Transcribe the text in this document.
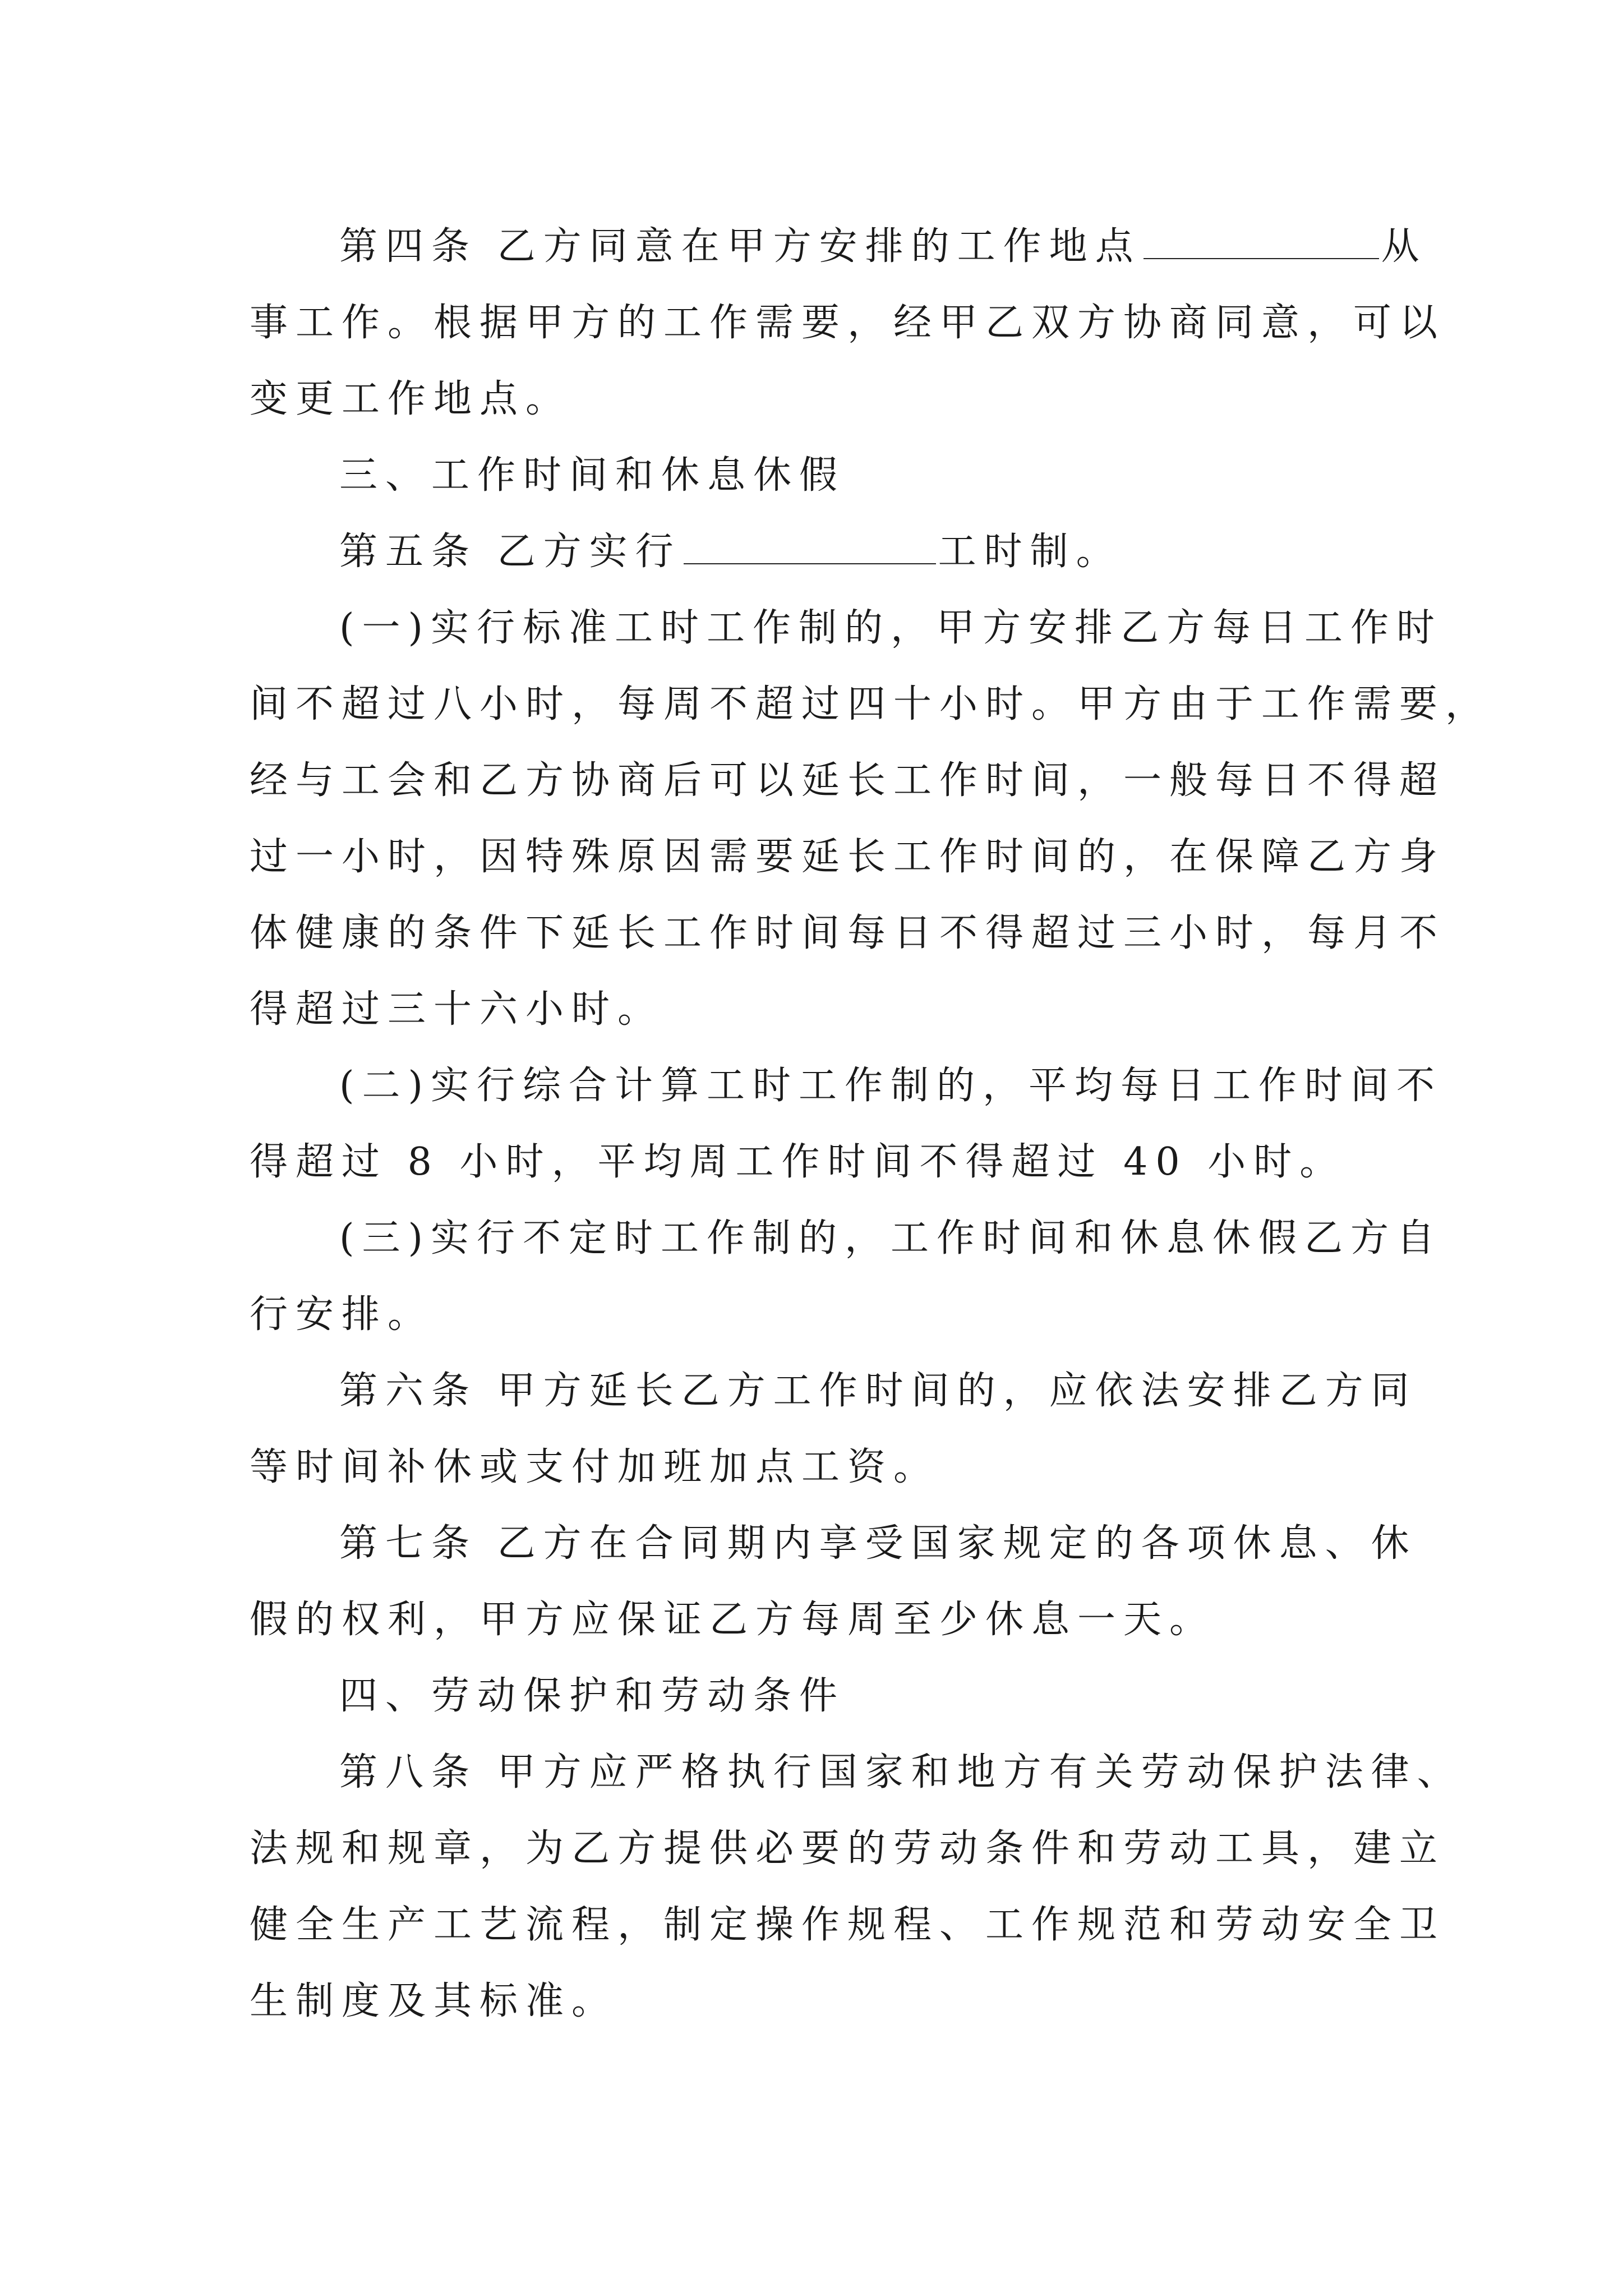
第四条 乙方同意在甲方安排的工作地点	从
事工作。根据甲方的工作需要，经甲乙双方协商同意，可以
变更工作地点。
三、工作时间和休息休假
第五条 乙方实行	工时制。
(一)实行标准工时工作制的，甲方安排乙方每日工作时
间不超过八小时，每周不超过四十小时。甲方由于工作需要，
经与工会和乙方协商后可以延长工作时间，一般每日不得超
过一小时，因特殊原因需要延长工作时间的，在保障乙方身
体健康的条件下延长工作时间每日不得超过三小时，每月不
得超过三十六小时。
(二)实行综合计算工时工作制的，平均每日工作时间不
得超过 8 小时，平均周工作时间不得超过 40 小时。
(三)实行不定时工作制的，工作时间和休息休假乙方自
行安排。
第六条 甲方延长乙方工作时间的，应依法安排乙方同
等时间补休或支付加班加点工资。
第七条 乙方在合同期内享受国家规定的各项休息、休
假的权利，甲方应保证乙方每周至少休息一天。
四、劳动保护和劳动条件
第八条 甲方应严格执行国家和地方有关劳动保护法律、
法规和规章，为乙方提供必要的劳动条件和劳动工具，建立
健全生产工艺流程，制定操作规程、工作规范和劳动安全卫
生制度及其标准。
